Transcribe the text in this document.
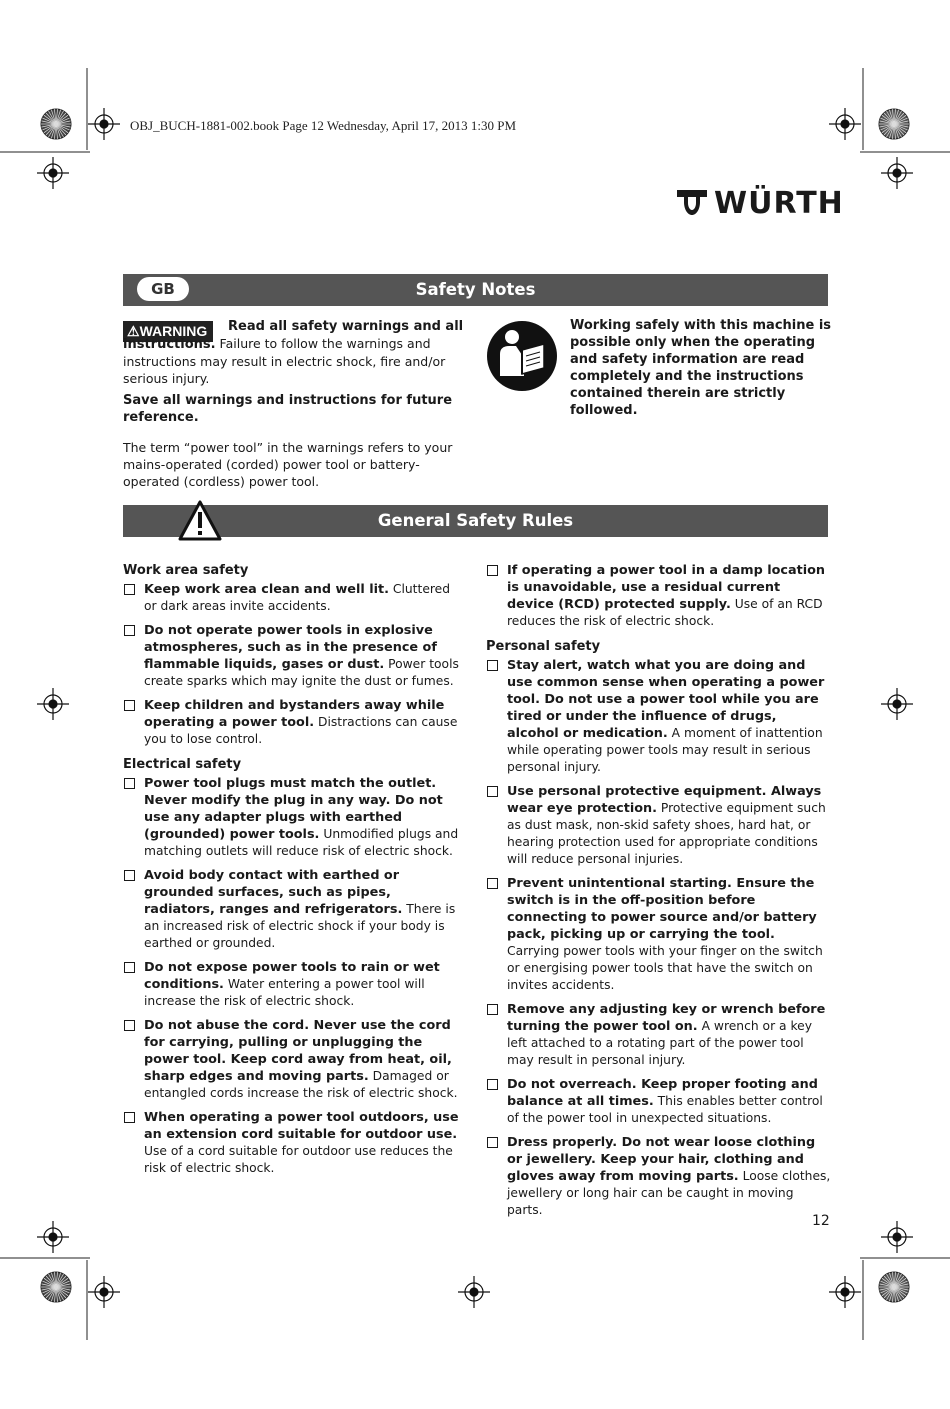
OBJ_BUCH-1881-002.book Page 12 Wednesday, April 17, 2013 1:30 PM
WÜRTH
GB	Safety Notes
⚠WARNING	Read all safety warnings and all instructions. Failure to follow the warnings and instructions may result in electric shock, fire and/or serious injury.
Save all warnings and instructions for future reference.
The term “power tool” in the warnings refers to your mains-operated (corded) power tool or battery-operated (cordless) power tool.
Working safely with this machine is possible only when the operating and safety information are read completely and the instructions contained therein are strictly followed.
General Safety Rules
Work area safety
Keep work area clean and well lit. Cluttered or dark areas invite accidents.
Do not operate power tools in explosive atmospheres, such as in the presence of flammable liquids, gases or dust. Power tools create sparks which may ignite the dust or fumes.
Keep children and bystanders away while operating a power tool. Distractions can cause you to lose control.
Electrical safety
Power tool plugs must match the outlet. Never modify the plug in any way. Do not use any adapter plugs with earthed (grounded) power tools. Unmodified plugs and matching outlets will reduce risk of electric shock.
Avoid body contact with earthed or grounded surfaces, such as pipes, radiators, ranges and refrigerators. There is an increased risk of electric shock if your body is earthed or grounded.
Do not expose power tools to rain or wet conditions. Water entering a power tool will increase the risk of electric shock.
Do not abuse the cord. Never use the cord for carrying, pulling or unplugging the power tool. Keep cord away from heat, oil, sharp edges and moving parts. Damaged or entangled cords increase the risk of electric shock.
When operating a power tool outdoors, use an extension cord suitable for outdoor use. Use of a cord suitable for outdoor use reduces the risk of electric shock.
If operating a power tool in a damp location is unavoidable, use a residual current device (RCD) protected supply. Use of an RCD reduces the risk of electric shock.
Personal safety
Stay alert, watch what you are doing and use common sense when operating a power tool. Do not use a power tool while you are tired or under the influence of drugs, alcohol or medication. A moment of inattention while operating power tools may result in serious personal injury.
Use personal protective equipment. Always wear eye protection. Protective equipment such as dust mask, non-skid safety shoes, hard hat, or hearing protection used for appropriate conditions will reduce personal injuries.
Prevent unintentional starting. Ensure the switch is in the off-position before connecting to power source and/or battery pack, picking up or carrying the tool. Carrying power tools with your finger on the switch or energising power tools that have the switch on invites accidents.
Remove any adjusting key or wrench before turning the power tool on. A wrench or a key left attached to a rotating part of the power tool may result in personal injury.
Do not overreach. Keep proper footing and balance at all times. This enables better control of the power tool in unexpected situations.
Dress properly. Do not wear loose clothing or jewellery. Keep your hair, clothing and gloves away from moving parts. Loose clothes, jewellery or long hair can be caught in moving parts.
12
